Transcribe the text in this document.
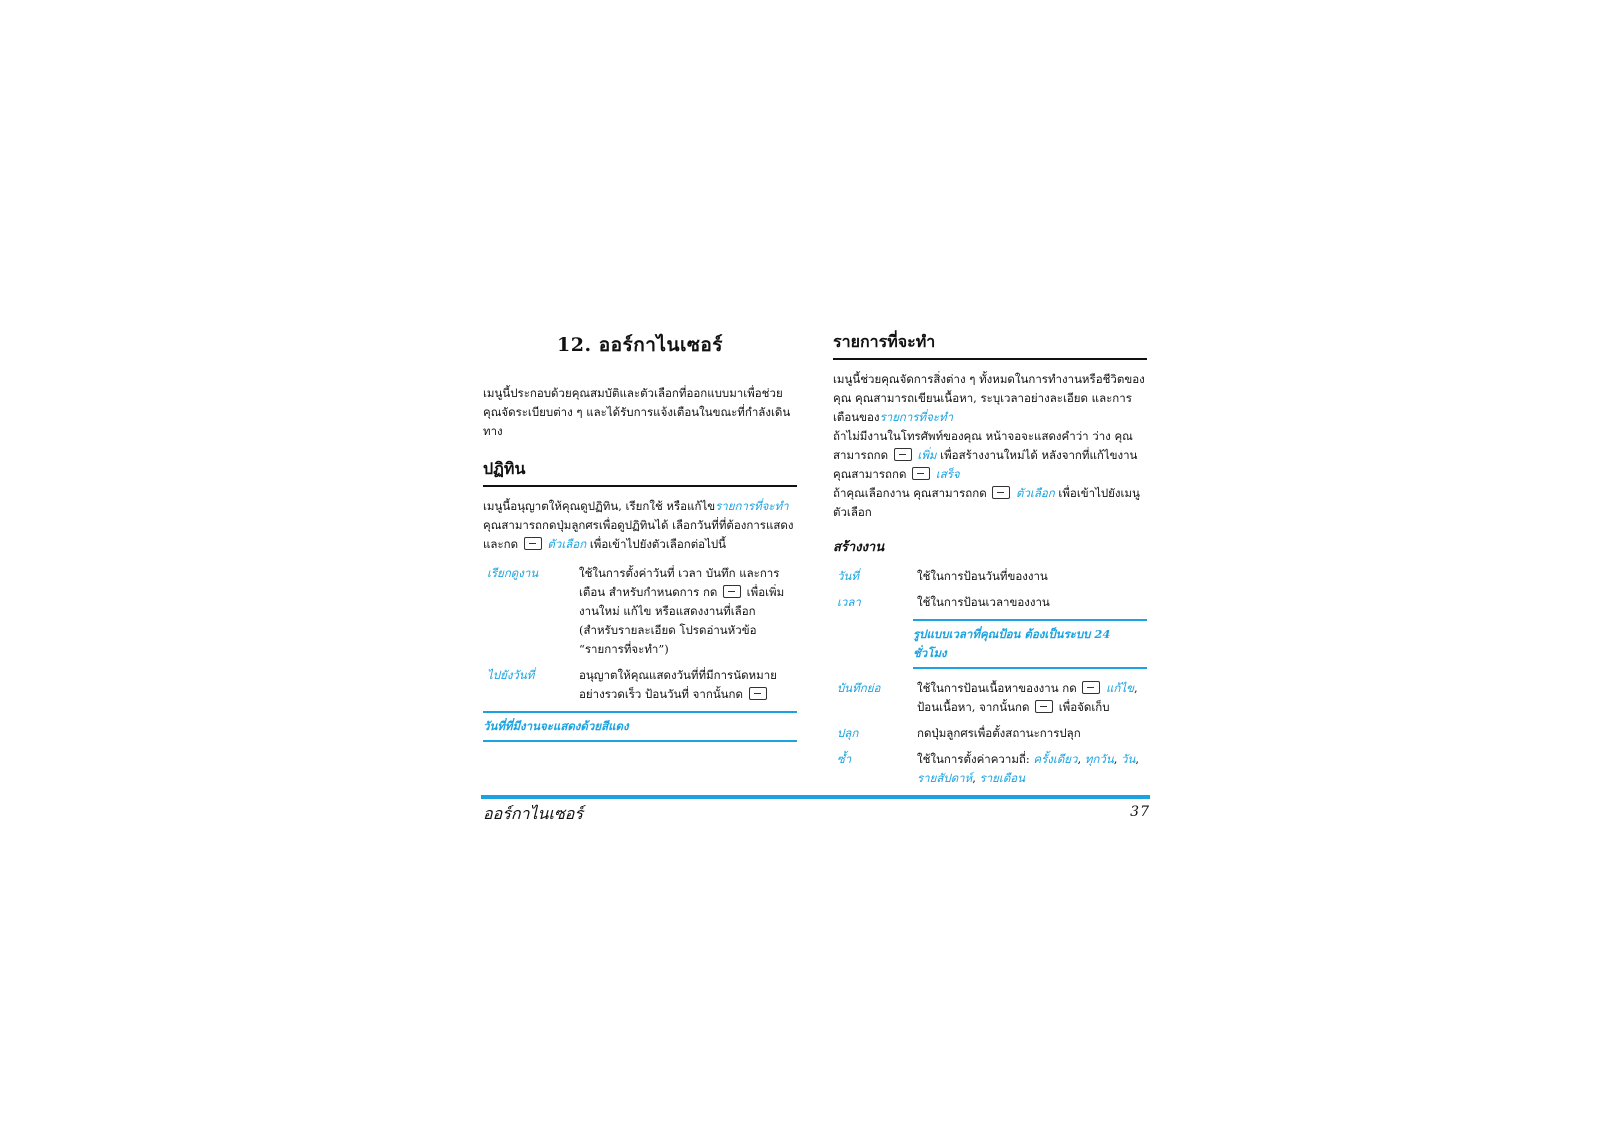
12. ออร์กาไนเซอร์

เมนูนี้ประกอบด้วยคุณสมบัติและตัวเลือกที่ออกแบบมาเพื่อช่วยคุณจัดระเบียบต่าง ๆ และได้รับการแจ้งเตือนในขณะที่กำลังเดินทาง

ปฏิทิน

เมนูนี้อนุญาตให้คุณดูปฏิทิน, เรียกใช้ หรือแก้ไขรายการที่จะทำ คุณสามารถกดปุ่มลูกศรเพื่อดูปฏิทินได้ เลือกวันที่ที่ต้องการแสดงและกด  ตัวเลือก เพื่อเข้าไปยังตัวเลือกต่อไปนี้

เรียกดูงาน	ใช้ในการตั้งค่าวันที่ เวลา บันทึก และการเตือน สำหรับกำหนดการ กด  เพื่อเพิ่มงานใหม่ แก้ไข หรือแสดงงานที่เลือก (สำหรับรายละเอียด โปรดอ่านหัวข้อ “รายการที่จะทำ”)
ไปยังวันที่	อนุญาตให้คุณแสดงวันที่ที่มีการนัดหมายอย่างรวดเร็ว ป้อนวันที่ จากนั้นกด
วันที่ที่มีงานจะแสดงด้วยสีแดง
รายการที่จะทำ

เมนูนี้ช่วยคุณจัดการสิ่งต่าง ๆ ทั้งหมดในการทำงานหรือชีวิตของคุณ คุณสามารถเขียนเนื้อหา, ระบุเวลาอย่างละเอียด และการเตือนของรายการที่จะทำ

ถ้าไม่มีงานในโทรศัพท์ของคุณ หน้าจอจะแสดงคำว่า ว่าง คุณสามารถกด  เพิ่ม เพื่อสร้างงานใหม่ได้ หลังจากที่แก้ไขงาน คุณสามารถกด  เสร็จ

ถ้าคุณเลือกงาน คุณสามารถกด  ตัวเลือก เพื่อเข้าไปยังเมนูตัวเลือก

สร้างงาน
วันที่	ใช้ในการป้อนวันที่ของงาน
เวลา	ใช้ในการป้อนเวลาของงาน
รูปแบบเวลาที่คุณป้อน ต้องเป็นระบบ 24 ชั่วโมง
บันทึกย่อ	ใช้ในการป้อนเนื้อหาของงาน กด  แก้ไข, ป้อนเนื้อหา, จากนั้นกด  เพื่อจัดเก็บ
ปลุก	กดปุ่มลูกศรเพื่อตั้งสถานะการปลุก
ซ้ำ	ใช้ในการตั้งค่าความถี่: ครั้งเดียว, ทุกวัน, วัน, รายสัปดาห์, รายเดือน
ออร์กาไนเซอร์	37
